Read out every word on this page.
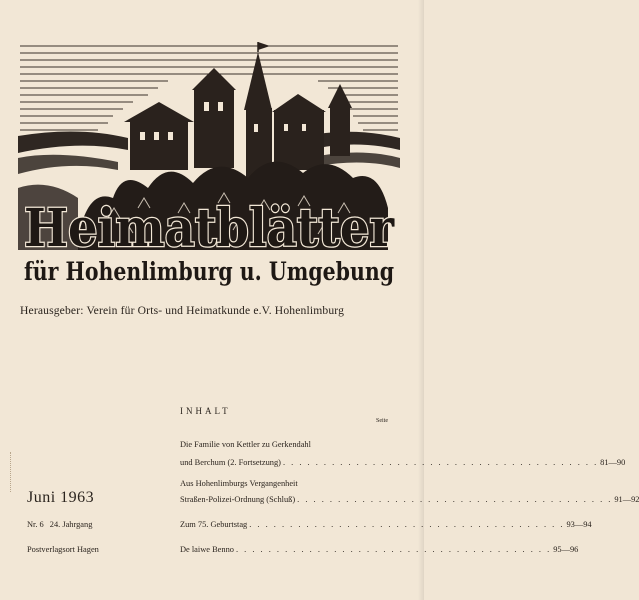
Heimatblätter
für Hohenlimburg u. Umgebung
Herausgeber: Verein für Orts- und Heimatkunde e.V. Hohenlimburg
INHALT
Seite
Die Familie von Kettler zu Gerkendahl
und Berchum (2. Fortsetzung) . . .	81—90
Aus Hohenlimburgs Vergangenheit
Straßen-Polizei-Ordnung (Schluß) . . .	91—92
Zum 75. Geburtstag . . .	93—94
De laiwe Benno . . .	95—96
Juni 1963
Nr. 6 24. Jahrgang
Postverlagsort Hagen
